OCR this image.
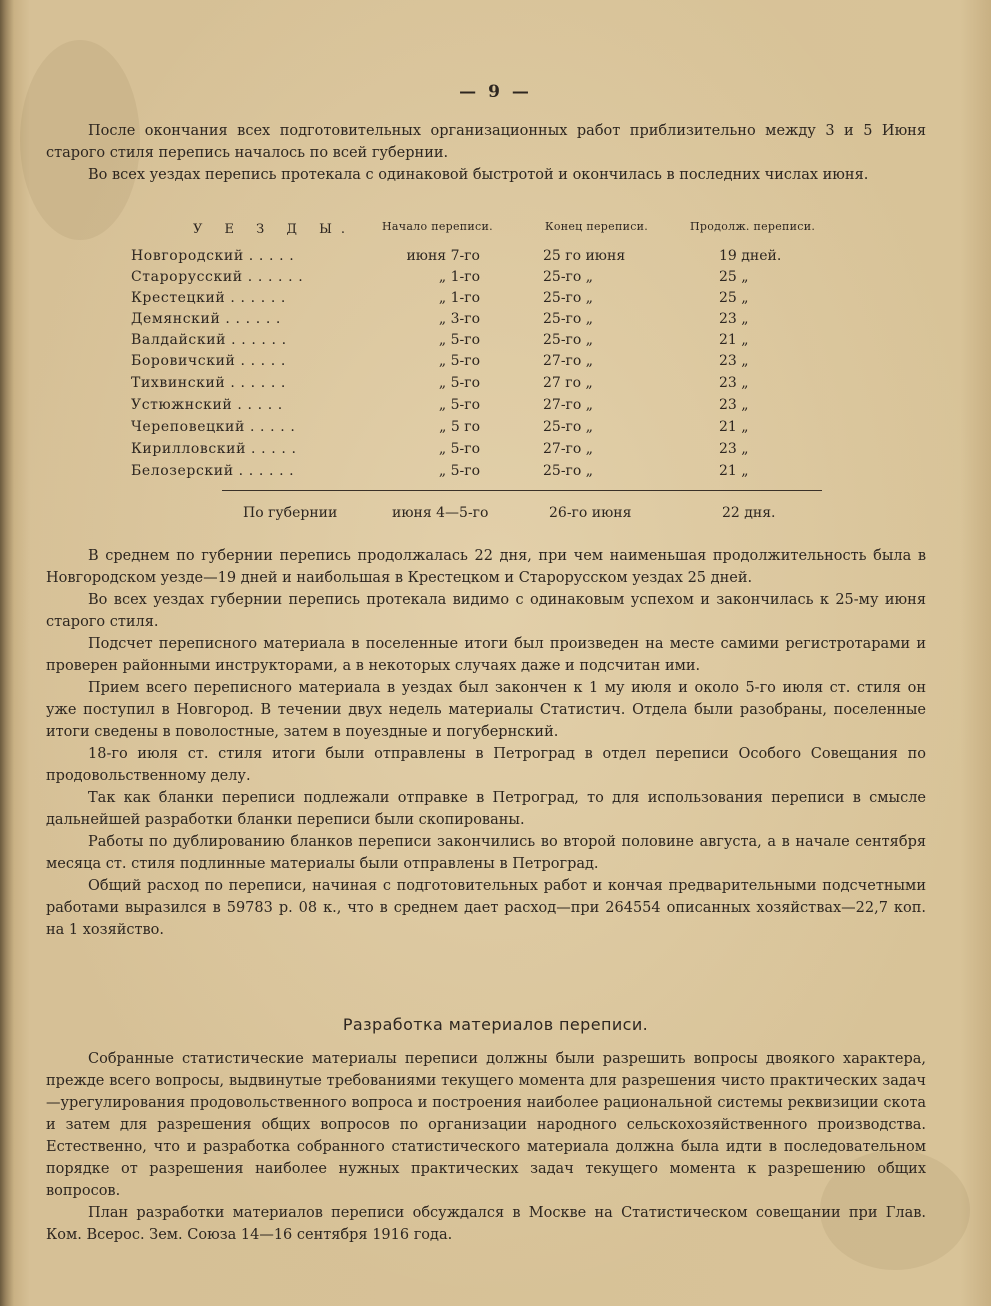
— 9 —

После окончания всех подготовительных организационных работ приблизительно между 3 и 5 Июня старого стиля перепись началось по всей губернии.

Во всех уездах перепись протекала с одинаковой быстротой и окончилась в последних числах июня.

У Е З Д Ы.	Начало переписи.	Конец переписи.	Продолж. переписи.
Новгородский . . . . .	июня 7-го	25 го июня	19 дней.
Старорусский . . . . . .	„ 1-го	25-го „	25 „
Крестецкий . . . . . .	„ 1-го	25-го „	25 „
Демянский . . . . . .	„ 3-го	25-го „	23 „
Валдайский . . . . . .	„ 5-го	25-го „	21 „
Боровичский . . . . .	„ 5-го	27-го „	23 „
Тихвинский . . . . . .	„ 5-го	27 го „	23 „
Устюжнский . . . . .	„ 5-го	27-го „	23 „
Череповецкий . . . . .	„ 5 го	25-го „	21 „
Кирилловский . . . . .	„ 5-го	27-го „	23 „
Белозерский . . . . . .	„ 5-го	25-го „	21 „
По губернии	июня 4—5-го	26-го июня	22 дня.

В среднем по губернии перепись продолжалась 22 дня, при чем наименьшая продолжительность была в Новгородском уезде—19 дней и наибольшая в Крестецком и Старорусском уездах 25 дней.

Во всех уездах губернии перепись протекала видимо с одинаковым успехом и закончилась к 25-му июня старого стиля.

Подсчет переписного материала в поселенные итоги был произведен на месте самими регистротарами и проверен районными инструкторами, а в некоторых случаях даже и подсчитан ими.

Прием всего переписного материала в уездах был закончен к 1 му июля и около 5-го июля ст. стиля он уже поступил в Новгород. В течении двух недель материалы Статистич. Отдела были разобраны, поселенные итоги сведены в поволостные, затем в поуездные и погубернский.

18-го июля ст. стиля итоги были отправлены в Петроград в отдел переписи Особого Совещания по продовольственному делу.

Так как бланки переписи подлежали отправке в Петроград, то для использования переписи в смысле дальнейшей разработки бланки переписи были скопированы.

Работы по дублированию бланков переписи закончились во второй половине августа, а в начале сентября месяца ст. стиля подлинные материалы были отправлены в Петроград.

Общий расход по переписи, начиная с подготовительных работ и кончая предварительными подсчетными работами выразился в 59783 р. 08 к., что в среднем дает расход—при 264554 описанных хозяйствах—22,7 коп. на 1 хозяйство.

Разработка материалов переписи.

Собранные статистические материалы переписи должны были разрешить вопросы двоякого характера, прежде всего вопросы, выдвинутые требованиями текущего момента для разрешения чисто практических задач—урегулирования продовольственного вопроса и построения наиболее рациональной системы реквизиции скота и затем для разрешения общих вопросов по организации народного сельскохозяйственного производства. Естественно, что и разработка собранного статистического материала должна была идти в последовательном порядке от разрешения наиболее нужных практических задач текущего момента к разрешению общих вопросов.

План разработки материалов переписи обсуждался в Москве на Статистическом совещании при Глав. Ком. Всерос. Зем. Союза 14—16 сентября 1916 года.
